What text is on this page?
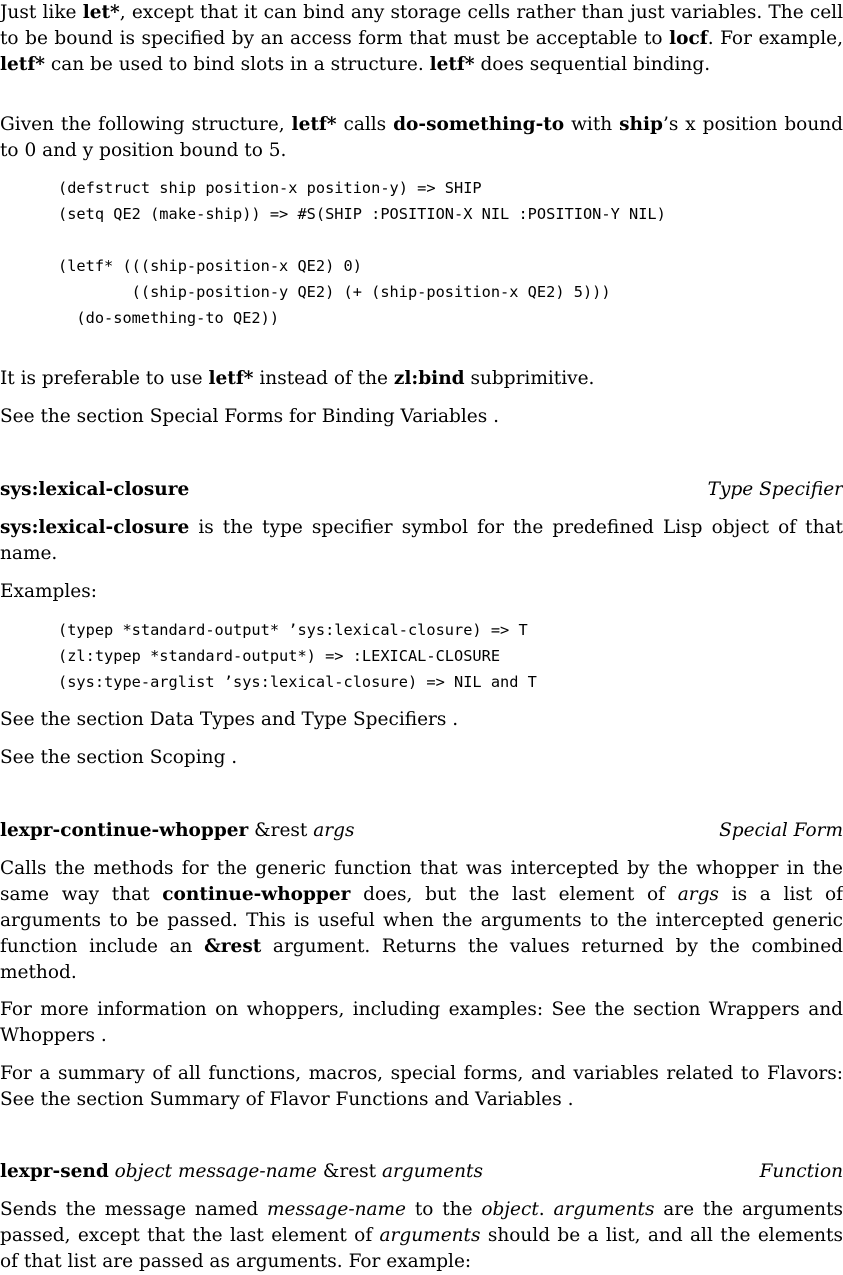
Just like let*, except that it can bind any storage cells rather than just variables. The cell to be bound is specified by an access form that must be acceptable to locf. For example, letf* can be used to bind slots in a structure. letf* does sequential binding.

Given the following structure, letf* calls do-something-to with ship’s x position bound to 0 and y position bound to 5.

(defstruct ship position-x position-y) => SHIP
(setq QE2 (make-ship)) => #S(SHIP :POSITION-X NIL :POSITION-Y NIL)

(letf* (((ship-position-x QE2) 0)
((ship-position-y QE2) (+ (ship-position-x QE2) 5)))
(do-something-to QE2))

It is preferable to use letf* instead of the zl:bind subprimitive.

See the section Special Forms for Binding Variables .

sys:lexical-closure	Type Specifier

sys:lexical-closure is the type specifier symbol for the predefined Lisp object of that name.

Examples:

(typep *standard-output* ’sys:lexical-closure) => T
(zl:typep *standard-output*) => :LEXICAL-CLOSURE
(sys:type-arglist ’sys:lexical-closure) => NIL and T

See the section Data Types and Type Specifiers .

See the section Scoping .

lexpr-continue-whopper &rest args	Special Form

Calls the methods for the generic function that was intercepted by the whopper in the same way that continue-whopper does, but the last element of args is a list of arguments to be passed. This is useful when the arguments to the intercepted generic function include an &rest argument. Returns the values returned by the combined method.

For more information on whoppers, including examples: See the section Wrappers and Whoppers .

For a summary of all functions, macros, special forms, and variables related to Flavors: See the section Summary of Flavor Functions and Variables .

lexpr-send object message-name &rest arguments	Function

Sends the message named message-name to the object. arguments are the arguments passed, except that the last element of arguments should be a list, and all the elements of that list are passed as arguments. For example:
